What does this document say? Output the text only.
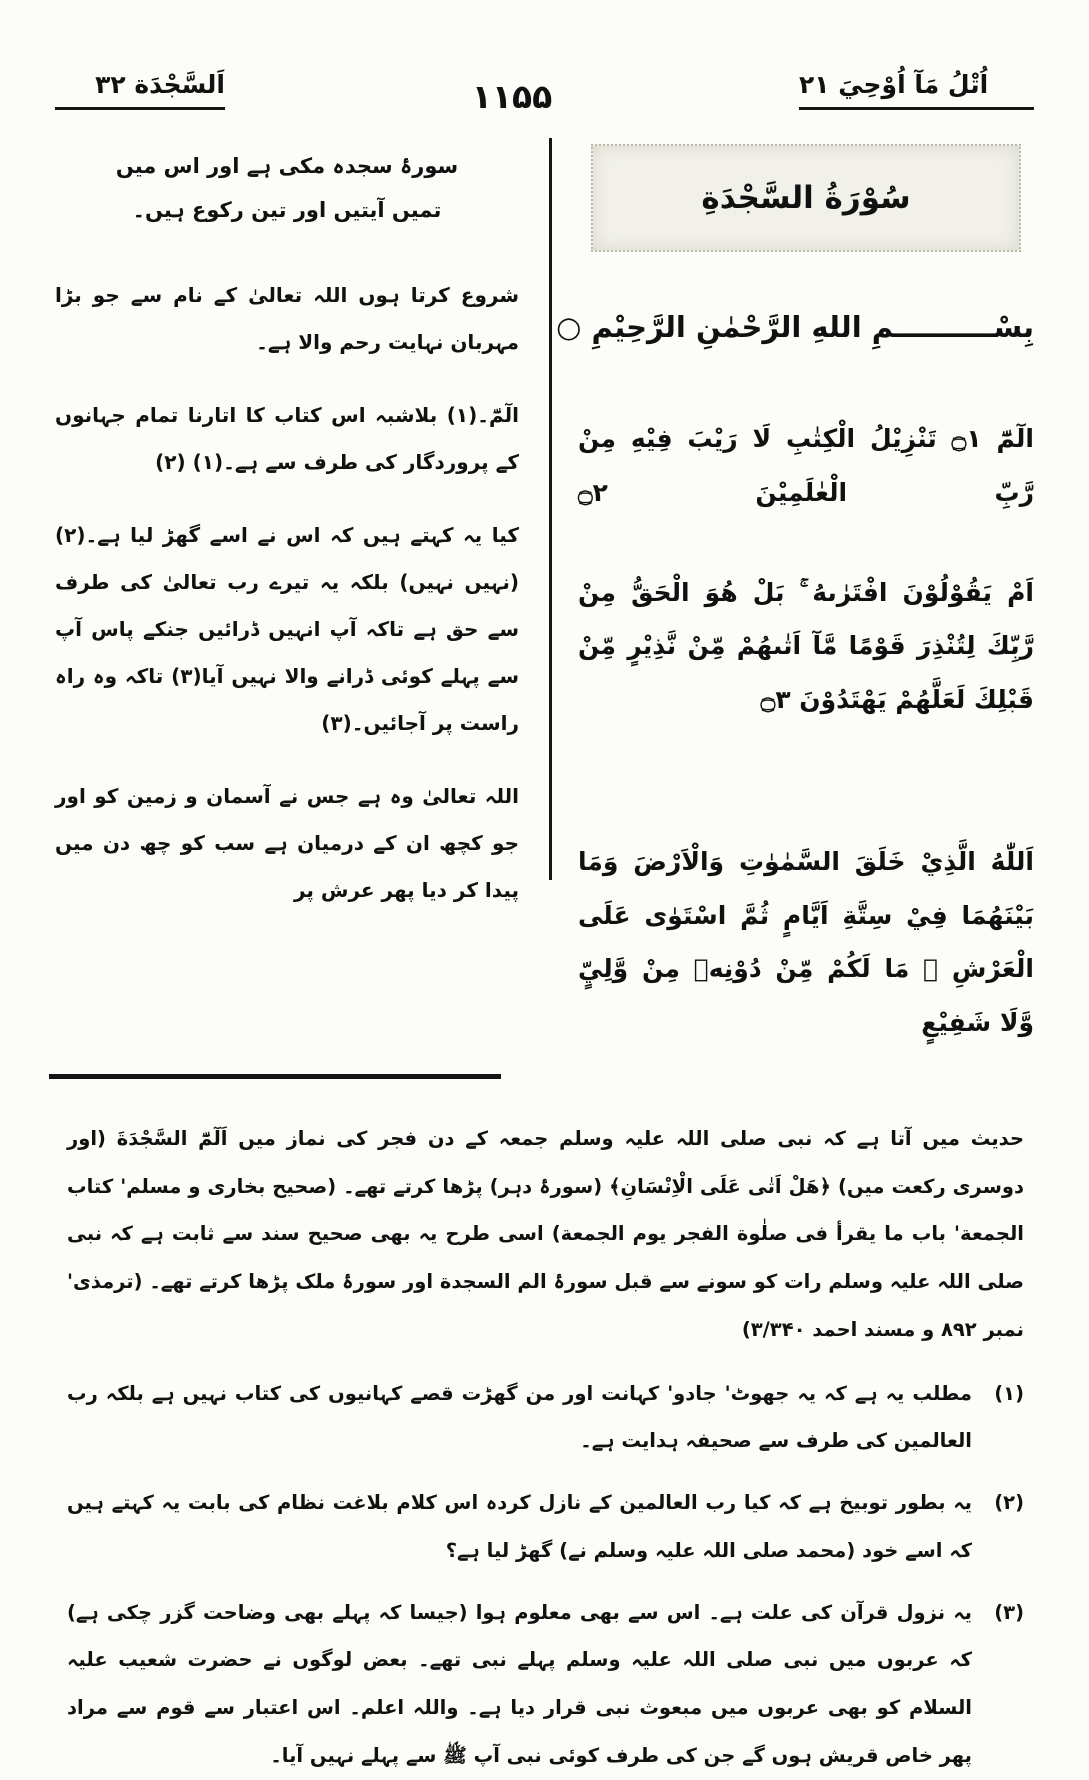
اُتْلُ مَآ اُوْحِيَ ۲۱
۱۱۵۵
اَلسَّجْدَة ۳۲
سُوْرَةُ السَّجْدَةِ
بِسْــــــــــمِ اللهِ الرَّحْمٰنِ الرَّحِيْمِ ○
الٓمّٓ ۝۱ تَنْزِيْلُ الْكِتٰبِ لَا رَيْبَ فِيْهِ مِنْ رَّبِّ الْعٰلَمِيْنَ ۝۲
اَمْ يَقُوْلُوْنَ افْتَرٰىهُ ۚ بَلْ هُوَ الْحَقُّ مِنْ رَّبِّكَ لِتُنْذِرَ قَوْمًا مَّآ اَتٰىهُمْ مِّنْ نَّذِيْرٍ مِّنْ قَبْلِكَ لَعَلَّهُمْ يَهْتَدُوْنَ ۝۳
اَللّٰهُ الَّذِيْ خَلَقَ السَّمٰوٰتِ وَالْاَرْضَ وَمَا بَيْنَهُمَا فِيْ سِتَّةِ اَيَّامٍ ثُمَّ اسْتَوٰى عَلَى الْعَرْشِ ۭ مَا لَكُمْ مِّنْ دُوْنِهٖ مِنْ وَّلِيٍّ وَّلَا شَفِيْعٍ
سورۂ سجدہ مکی ہے اور اس میں تمیں آیتیں اور تین رکوع ہیں۔
شروع کرتا ہوں اللہ تعالیٰ کے نام سے جو بڑا مہربان نہایت رحم والا ہے۔
الٓمّٓ۔(۱) بلاشبہ اس کتاب کا اتارنا تمام جہانوں کے پروردگار کی طرف سے ہے۔(۱) (۲)
کیا یہ کہتے ہیں کہ اس نے اسے گھڑ لیا ہے۔(۲) (نہیں نہیں) بلکہ یہ تیرے رب تعالیٰ کی طرف سے حق ہے تاکہ آپ انہیں ڈرائیں جنکے پاس آپ سے پہلے کوئی ڈرانے والا نہیں آیا(۳) تاکہ وہ راہ راست پر آجائیں۔(۳)
اللہ تعالیٰ وہ ہے جس نے آسمان و زمین کو اور جو کچھ ان کے درمیان ہے سب کو چھ دن میں پیدا کر دیا پھر عرش پر
حدیث میں آتا ہے کہ نبی صلی اللہ علیہ وسلم جمعہ کے دن فجر کی نماز میں اَلٓمّٓ السَّجْدَةَ (اور دوسری رکعت میں) ﴿هَلْ اَتٰى عَلَى الْاِنْسَانِ﴾ (سورۂ دہر) پڑھا کرتے تھے۔ (صحیح بخاری و مسلم' کتاب الجمعة' باب ما یقرأ فی صلٰوة الفجر یوم الجمعة) اسی طرح یہ بھی صحیح سند سے ثابت ہے کہ نبی صلی اللہ علیہ وسلم رات کو سونے سے قبل سورۂ الم السجدة اور سورۂ ملک پڑھا کرتے تھے۔ (ترمذی' نمبر ۸۹۲ و مسند احمد ۳/۳۴۰)
(۱)
مطلب یہ ہے کہ یہ جھوٹ' جادو' کہانت اور من گھڑت قصے کہانیوں کی کتاب نہیں ہے بلکہ رب العالمین کی طرف سے صحیفہ ہدایت ہے۔
(۲)
یہ بطور توبیخ ہے کہ کیا رب العالمین کے نازل کردہ اس کلام بلاغت نظام کی بابت یہ کہتے ہیں کہ اسے خود (محمد صلی اللہ علیہ وسلم نے) گھڑ لیا ہے؟
(۳)
یہ نزول قرآن کی علت ہے۔ اس سے بھی معلوم ہوا (جیسا کہ پہلے بھی وضاحت گزر چکی ہے) کہ عربوں میں نبی صلی اللہ علیہ وسلم پہلے نبی تھے۔ بعض لوگوں نے حضرت شعیب علیہ السلام کو بھی عربوں میں مبعوث نبی قرار دیا ہے۔ واللہ اعلم۔ اس اعتبار سے قوم سے مراد پھر خاص قریش ہوں گے جن کی طرف کوئی نبی آپ ﷺ سے پہلے نہیں آیا۔
